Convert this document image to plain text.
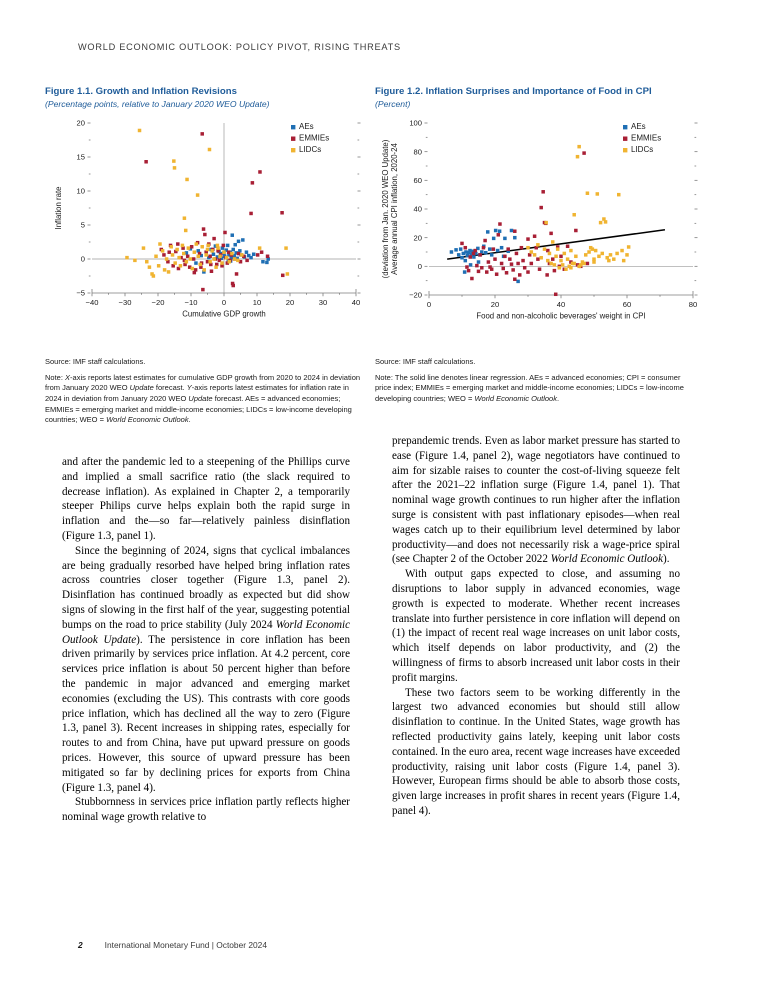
WORLD ECONOMIC OUTLOOK: POLICY PIVOT, RISING THREATS
Figure 1.1. Growth and Inflation Revisions
(Percentage points, relative to January 2020 WEO Update)
−40	−30	−20	−10	0	10	20	30	40
−5
0
5
10
15
20
Cumulative GDP growth
Inflation rate
AEs
EMMIEs
LIDCs

Source: IMF staff calculations.

Note: X-axis reports latest estimates for cumulative GDP growth from 2020 to 2024 in deviation from January 2020 WEO Update forecast. Y-axis reports latest estimates for inflation rate in 2024 in deviation from January 2020 WEO Update forecast. AEs = advanced economies; EMMIEs = emerging market and middle-income economies; LIDCs = low-income developing countries; WEO = World Economic Outlook.

Figure 1.2. Inflation Surprises and Importance of Food in CPI
(Percent)
0	20	40	60	80
−20
0
20
40
60
80
100
Food and non-alcoholic beverages' weight in CPI
Average annual CPI inflation, 2020-24
(deviation from Jan. 2020 WEO Update)
AEs
EMMIEs
LIDCs

Source: IMF staff calculations.

Note: The solid line denotes linear regression. AEs = advanced economies; CPI = consumer price index; EMMIEs = emerging market and middle-income economies; LIDCs = low-income developing countries; WEO = World Economic Outlook.

and after the pandemic led to a steepening of the Phillips curve and implied a small sacrifice ratio (the slack required to decrease inflation). As explained in Chapter 2, a temporarily steeper Philips curve helps explain both the rapid surge in inflation and the—so far—relatively painless disinflation (Figure 1.3, panel 1).

Since the beginning of 2024, signs that cyclical imbalances are being gradually resorbed have helped bring inflation rates across countries closer together (Figure 1.3, panel 2). Disinflation has continued broadly as expected but did show signs of slowing in the first half of the year, suggesting potential bumps on the road to price stability (July 2024 World Economic Outlook Update). The persistence in core inflation has been driven primarily by services price inflation. At 4.2 percent, core services price inflation is about 50 percent higher than before the pandemic in major advanced and emerging market economies (excluding the US). This contrasts with core goods price inflation, which has declined all the way to zero (Figure 1.3, panel 3). Recent increases in shipping rates, especially for routes to and from China, have put upward pressure on goods prices. However, this source of upward pressure has been mitigated so far by declining prices for exports from China (Figure 1.3, panel 4).

Stubbornness in services price inflation partly reflects higher nominal wage growth relative to

prepandemic trends. Even as labor market pressure has started to ease (Figure 1.4, panel 2), wage negotiators have continued to aim for sizable raises to counter the cost-of-living squeeze felt after the 2021–22 inflation surge (Figure 1.4, panel 1). That nominal wage growth continues to run higher after the inflation surge is consistent with past inflationary episodes—when real wages catch up to their equilibrium level determined by labor productivity—and does not necessarily risk a wage-price spiral (see Chapter 2 of the October 2022 World Economic Outlook).

With output gaps expected to close, and assuming no disruptions to labor supply in advanced economies, wage growth is expected to moderate. Whether recent increases translate into further persistence in core inflation will depend on (1) the impact of recent real wage increases on unit labor costs, which itself depends on labor productivity, and (2) the willingness of firms to absorb increased unit labor costs in their profit margins.

These two factors seem to be working differently in the largest two advanced economies but should still allow disinflation to continue. In the United States, wage growth has reflected productivity gains lately, keeping unit labor costs contained. In the euro area, recent wage increases have exceeded productivity, raising unit labor costs (Figure 1.4, panel 3). However, European firms should be able to absorb those costs, given large increases in profit shares in recent years (Figure 1.4, panel 4).

2	International Monetary Fund | October 2024
